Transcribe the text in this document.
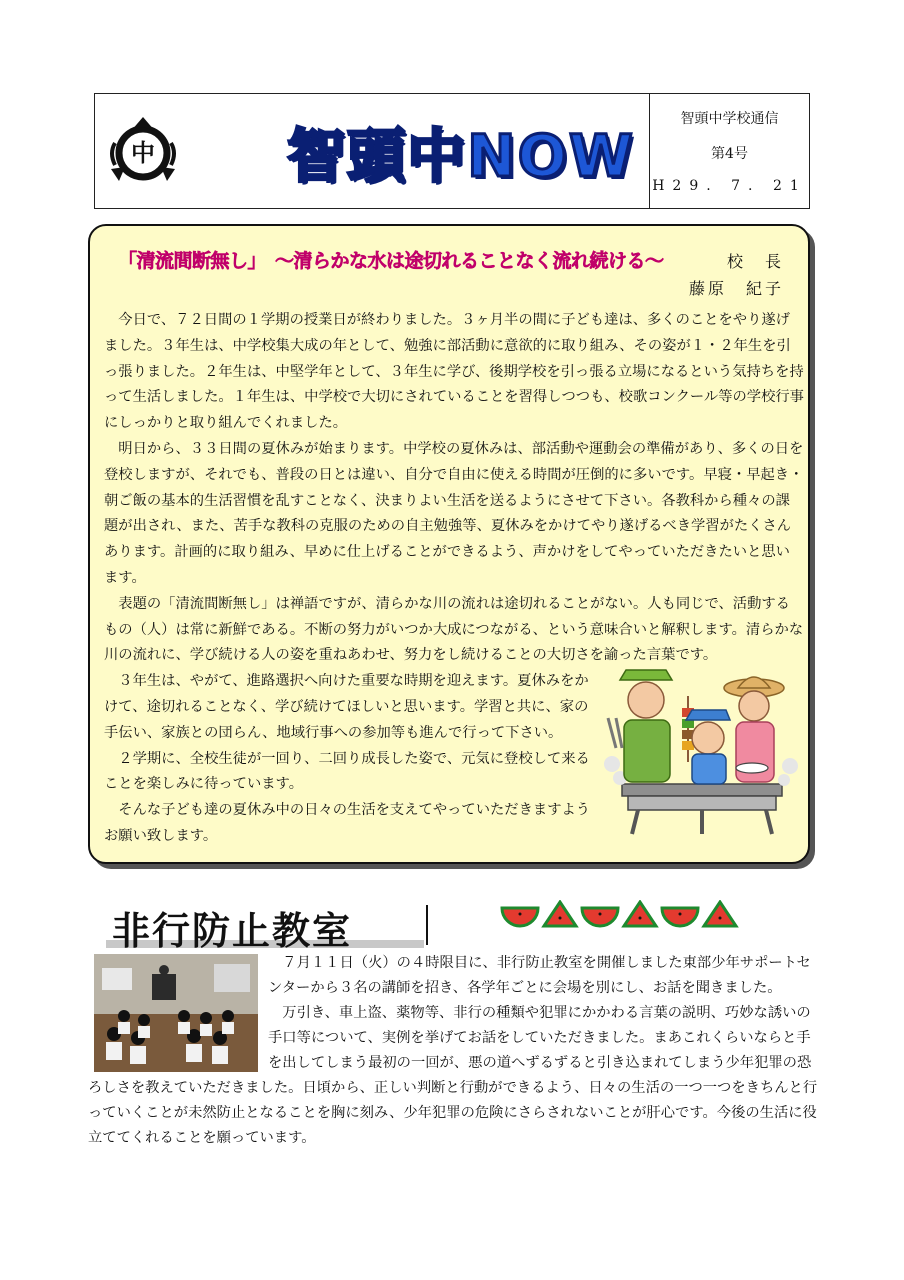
中 智頭中NOW
智頭中学校通信
第4号
H29. 7. 21
「清流間断無し」　～清らかな水は途切れることなく流れ続ける～	校　長
藤原　紀子

今日で、７２日間の１学期の授業日が終わりました。３ヶ月半の間に子ども達は、多くのことをやり遂げました。３年生は、中学校集大成の年として、勉強に部活動に意欲的に取り組み、その姿が１・２年生を引っ張りました。２年生は、中堅学年として、３年生に学び、後期学校を引っ張る立場になるという気持ちを持って生活しました。１年生は、中学校で大切にされていることを習得しつつも、校歌コンクール等の学校行事にしっかりと取り組んでくれました。

明日から、３３日間の夏休みが始まります。中学校の夏休みは、部活動や運動会の準備があり、多くの日を登校しますが、それでも、普段の日とは違い、自分で自由に使える時間が圧倒的に多いです。早寝・早起き・朝ご飯の基本的生活習慣を乱すことなく、決まりよい生活を送るようにさせて下さい。各教科から種々の課題が出され、また、苦手な教科の克服のための自主勉強等、夏休みをかけてやり遂げるべき学習がたくさんあります。計画的に取り組み、早めに仕上げることができるよう、声かけをしてやっていただきたいと思います。

表題の「清流間断無し」は禅語ですが、清らかな川の流れは途切れることがない。人も同じで、活動するもの（人）は常に新鮮である。不断の努力がいつか大成につながる、という意味合いと解釈します。清らかな川の流れに、学び続ける人の姿を重ねあわせ、努力をし続けることの大切さを諭った言葉です。

３年生は、やがて、進路選択へ向けた重要な時期を迎えます。夏休みをかけて、途切れることなく、学び続けてほしいと思います。学習と共に、家の手伝い、家族との団らん、地域行事への参加等も進んで行って下さい。

２学期に、全校生徒が一回り、二回り成長した姿で、元気に登校して来ることを楽しみに待っています。

そんな子ども達の夏休み中の日々の生活を支えてやっていただきますようお願い致します。

非行防止教室

７月１１日（火）の４時限目に、非行防止教室を開催しました東部少年サポートセンターから３名の講師を招き、各学年ごとに会場を別にし、お話を聞きました。

万引き、車上盗、薬物等、非行の種類や犯罪にかかわる言葉の説明、巧妙な誘いの手口等について、実例を挙げてお話をしていただきました。まあこれくらいならと手を出してしまう最初の一回が、悪の道へずるずると引き込まれてしまう少年犯罪の恐ろしさを教えていただきました。日頃から、正しい判断と行動ができるよう、日々の生活の一つ一つをきちんと行っていくことが未然防止となることを胸に刻み、少年犯罪の危険にさらされないことが肝心です。今後の生活に役立ててくれることを願っています。
